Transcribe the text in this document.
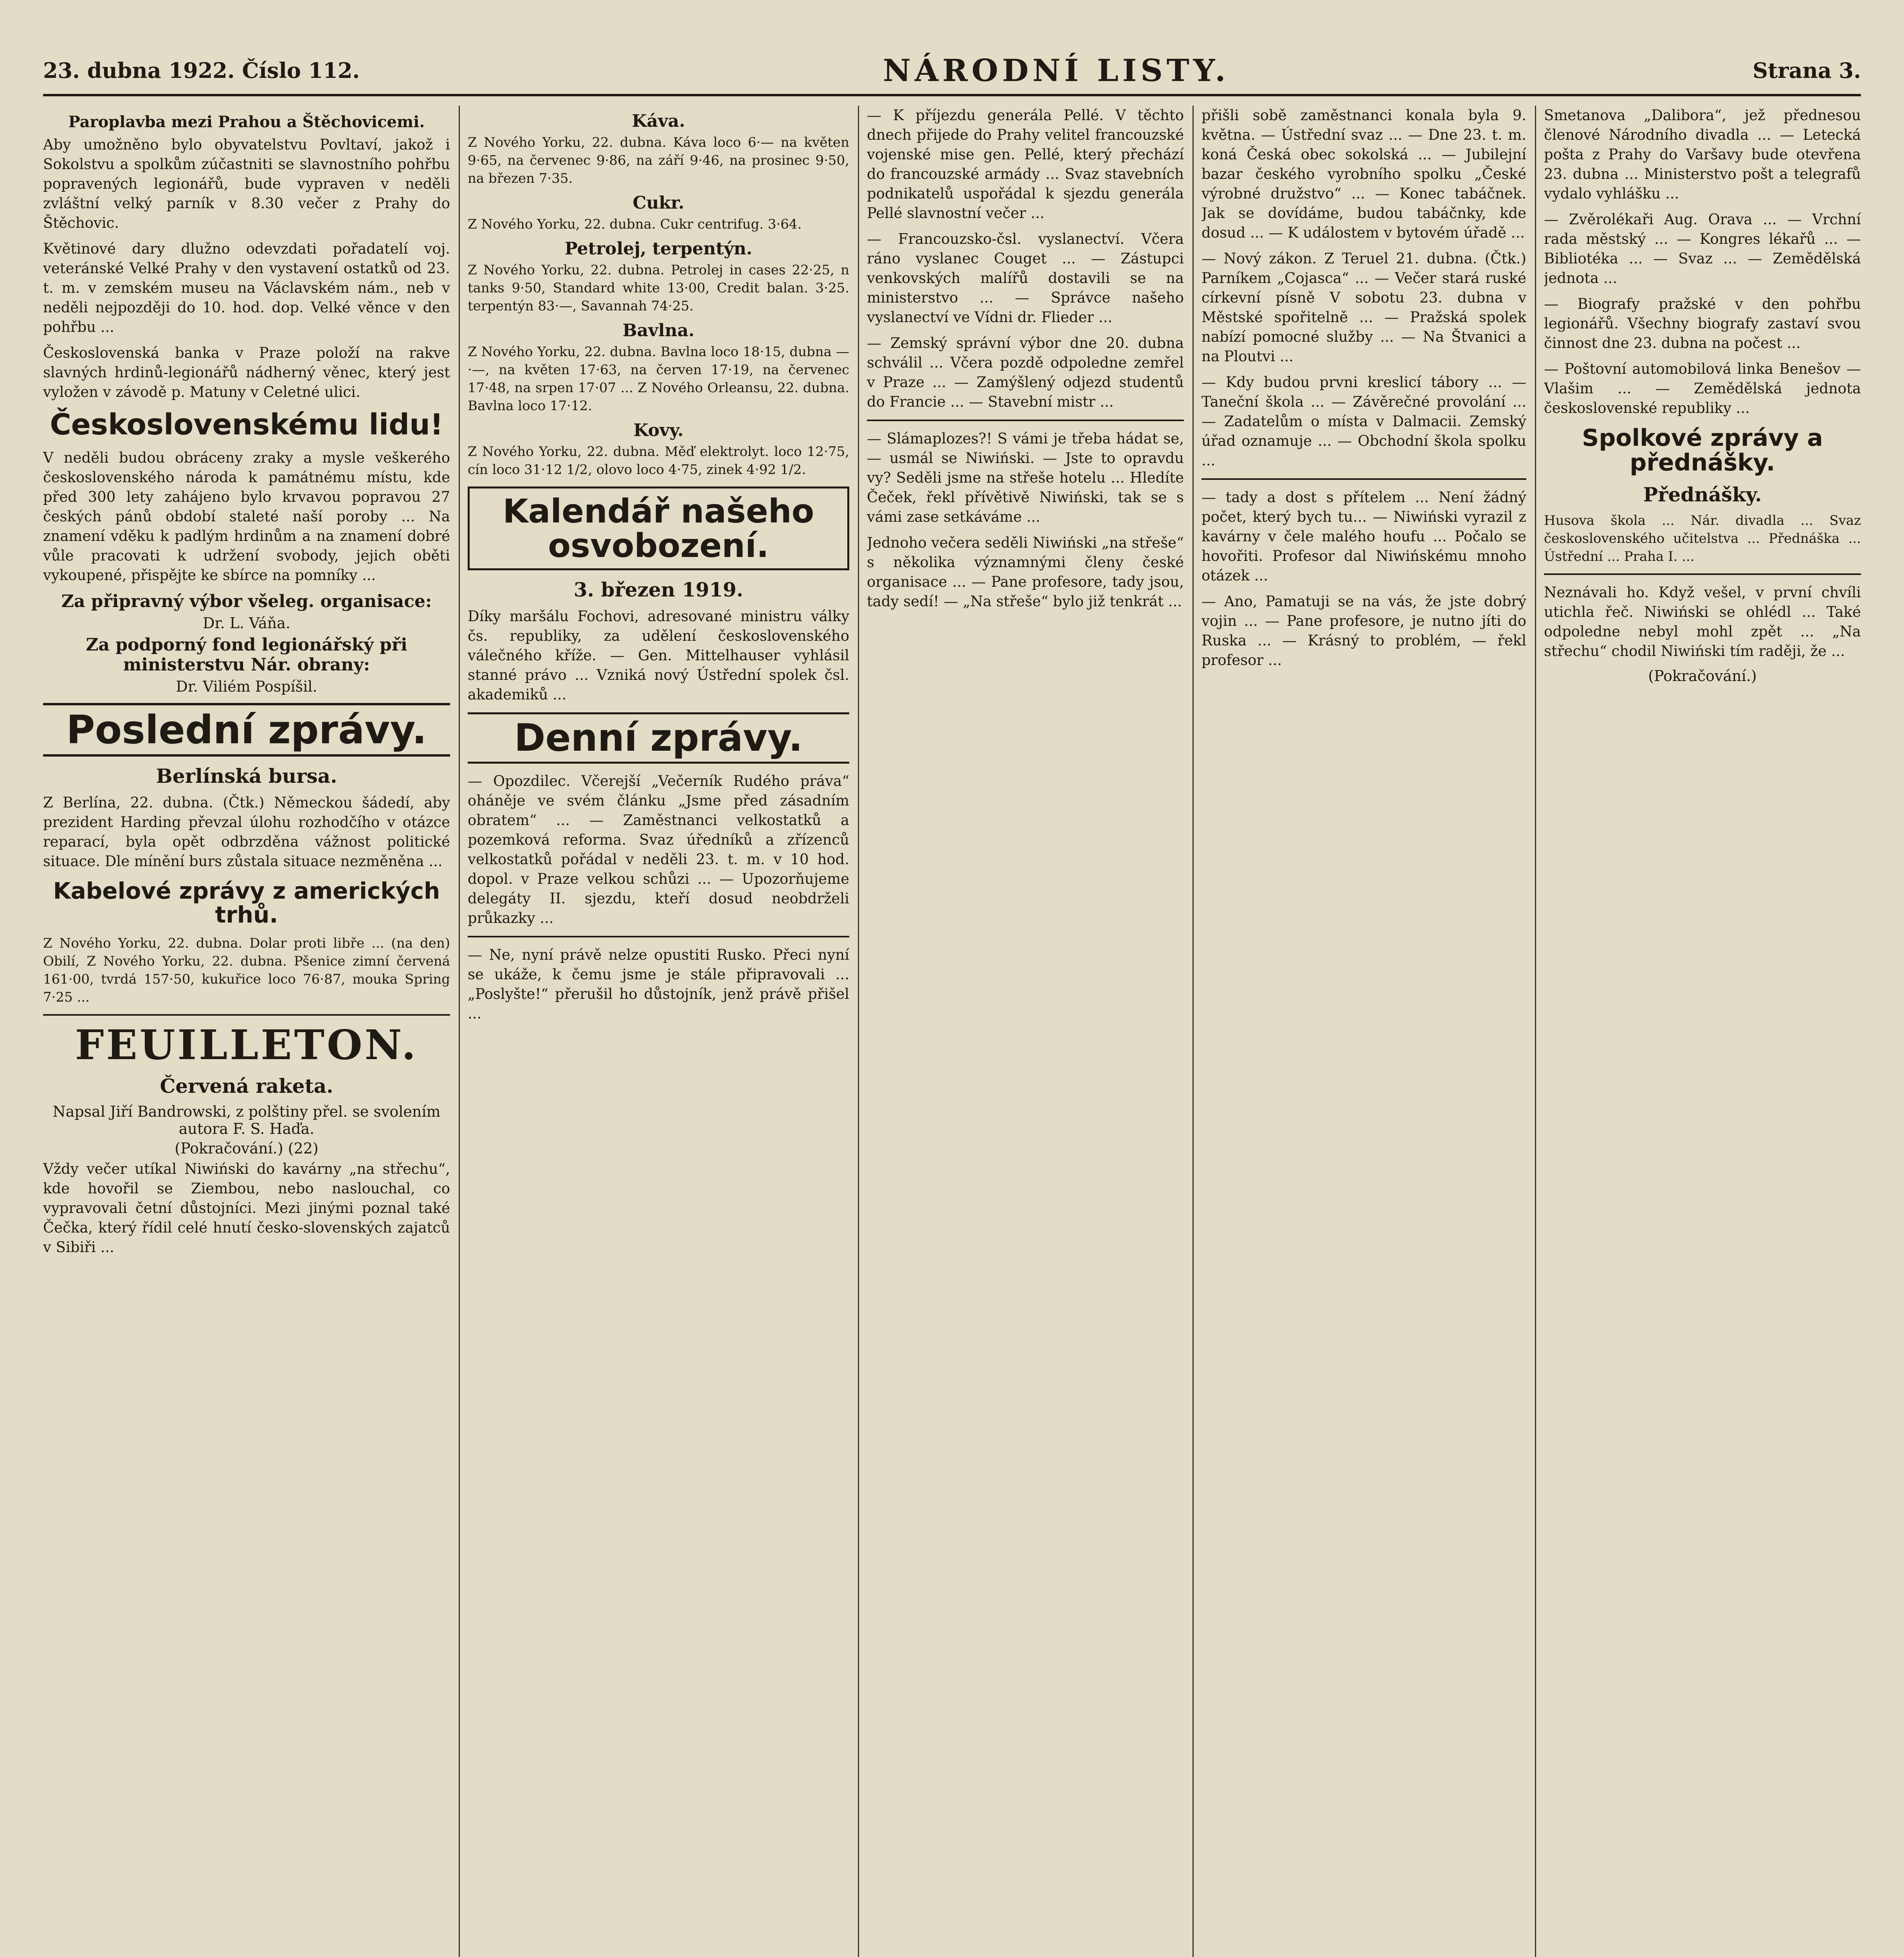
23. dubna 1922. Číslo 112.	NÁRODNÍ LISTY.	Strana 3.
Paroplavba mezi Prahou a Štěchovicemi.

Aby umožněno bylo obyvatelstvu Povltaví, jakož i Sokolstvu a spolkům zúčastniti se slavnostního pohřbu popravených legionářů, bude vypraven v neděli zvláštní velký parník v 8.30 večer z Prahy do Štěchovic.

Květinové dary dlužno odevzdati pořadatelí voj. veteránské Velké Prahy v den vystavení ostatků od 23. t. m. v zemském museu na Václavském nám., neb v neděli nejpozději do 10. hod. dop. Velké věnce v den pohřbu ...

Československá banka v Praze položí na rakve slavných hrdinů-legionářů nádherný věnec, který jest vyložen v závodě p. Matuny v Celetné ulici.

Československému lidu!

V neděli budou obráceny zraky a mysle veškerého československého národa k památnému místu, kde před 300 lety zahájeno bylo krvavou popravou 27 českých pánů období staleté naší poroby ... Na znamení vděku k padlým hrdinům a na znamení dobré vůle pracovati k udržení svobody, jejich oběti vykoupené, přispějte ke sbírce na pomníky ...

Za připravný výbor všeleg. organisace:
Dr. L. Váňa.
Za podporný fond legionářský při ministerstvu Nár. obrany:
Dr. Viliém Pospíšil.
Poslední zprávy.
Berlínská bursa.

Z Berlína, 22. dubna. (Čtk.) Německou šádedí, aby prezident Harding převzal úlohu rozhodčího v otázce reparací, byla opět odbrzděna vážnost politické situace. Dle mínění burs zůstala situace nezměněna ...

Kabelové zprávy z amerických trhů.

Z Nového Yorku, 22. dubna. Dolar proti libře ... (na den) Obilí, Z Nového Yorku, 22. dubna. Pšenice zimní červená 161·00, tvrdá 157·50, kukuřice loco 76·87, mouka Spring 7·25 ...

FEUILLETON.
Červená raketa.
Napsal Jiří Bandrowski, z polštiny přel. se svolením autora F. S. Haďa.
(Pokračování.) (22)

Vždy večer utíkal Niwiński do kavárny „na střechu“, kde hovořil se Ziembou, nebo naslouchal, co vypravovali četní důstojníci. Mezi jinými poznal také Čečka, který řídil celé hnutí česko-slovenských zajatců v Sibiři ...

Káva.

Z Nového Yorku, 22. dubna. Káva loco 6·— na květen 9·65, na červenec 9·86, na září 9·46, na prosinec 9·50, na březen 7·35.

Cukr.

Z Nového Yorku, 22. dubna. Cukr centrifug. 3·64.

Petrolej, terpentýn.

Z Nového Yorku, 22. dubna. Petrolej in cases 22·25, n tanks 9·50, Standard white 13·00, Credit balan. 3·25. terpentýn 83·—, Savannah 74·25.

Bavlna.

Z Nového Yorku, 22. dubna. Bavlna loco 18·15, dubna —·—, na květen 17·63, na červen 17·19, na červenec 17·48, na srpen 17·07 ... Z Nového Orleansu, 22. dubna. Bavlna loco 17·12.

Kovy.

Z Nového Yorku, 22. dubna. Měď elektrolyt. loco 12·75, cín loco 31·12 1/2, olovo loco 4·75, zinek 4·92 1/2.

Kalendář našeho osvobození.
3. březen 1919.

Díky maršálu Fochovi, adresované ministru války čs. republiky, za udělení československého válečného kříže. — Gen. Mittelhauser vyhlásil stanné právo ... Vzniká nový Ústřední spolek čsl. akademiků ...

Denní zprávy.

— Opozdilec. Včerejší „Večerník Rudého práva“ oháněje ve svém článku „Jsme před zásadním obratem“ ... — Zaměstnanci velkostatků a pozemková reforma. Svaz úředníků a zřízenců velkostatků pořádal v neděli 23. t. m. v 10 hod. dopol. v Praze velkou schůzi ... — Upozorňujeme delegáty II. sjezdu, kteří dosud neobdrželi průkazky ...

— Ne, nyní právě nelze opustiti Rusko. Přeci nyní se ukáže, k čemu jsme je stále připravovali ... „Poslyšte!“ přerušil ho důstojník, jenž právě přišel ...

— K příjezdu generála Pellé. V těchto dnech přijede do Prahy velitel francouzské vojenské mise gen. Pellé, který přechází do francouzské armády ... Svaz stavebních podnikatelů uspořádal k sjezdu generála Pellé slavnostní večer ...

— Francouzsko-čsl. vyslanectví. Včera ráno vyslanec Couget ... — Zástupci venkovských malířů dostavili se na ministerstvo ... — Správce našeho vyslanectví ve Vídni dr. Flieder ...

— Zemský správní výbor dne 20. dubna schválil ... Včera pozdě odpoledne zemřel v Praze ... — Zamýšlený odjezd studentů do Francie ... — Stavební mistr ...

— Slámaplozes?! S vámi je třeba hádat se, — usmál se Niwiński. — Jste to opravdu vy? Seděli jsme na střeše hotelu ... Hledíte Čeček, řekl přívětivě Niwiński, tak se s vámi zase setkáváme ...

Jednoho večera seděli Niwiński „na střeše“ s několika významnými členy české organisace ... — Pane profesore, tady jsou, tady sedí! — „Na střeše“ bylo již tenkrát ...

přišli sobě zaměstnanci konala byla 9. května. — Ústřední svaz ... — Dne 23. t. m. koná Česká obec sokolská ... — Jubilejní bazar českého vyrobního spolku „České výrobné družstvo“ ... — Konec tabáčnek. Jak se dovídáme, budou tabáčnky, kde dosud ... — K událostem v bytovém úřadě ...

— Nový zákon. Z Teruel 21. dubna. (Čtk.) Parníkem „Cojasca“ ... — Večer stará ruské církevní písně V sobotu 23. dubna v Městské spořitelně ... — Pražská spolek nabízí pomocné služby ... — Na Štvanici a na Ploutvi ...

— Kdy budou prvni kreslicí tábory ... — Taneční škola ... — Závěrečné provolání ... — Zadatelům o místa v Dalmacii. Zemský úřad oznamuje ... — Obchodní škola spolku ...

— tady a dost s přítelem ... Není žádný počet, který bych tu... — Niwiński vyrazil z kavárny v čele malého houfu ... Počalo se hovořiti. Profesor dal Niwińskému mnoho otázek ...

— Ano, Pamatuji se na vás, že jste dobrý vojin ... — Pane profesore, je nutno jíti do Ruska ... — Krásný to problém, — řekl profesor ...

Smetanova „Dalibora“, jež přednesou členové Národního divadla ... — Letecká pošta z Prahy do Varšavy bude otevřena 23. dubna ... Ministerstvo pošt a telegrafů vydalo vyhlášku ...

— Zvěrolékaři Aug. Orava ... — Vrchní rada městský ... — Kongres lékařů ... — Bibliotéka ... — Svaz ... — Zemědělská jednota ...

— Biografy pražské v den pohřbu legionářů. Všechny biografy zastaví svou činnost dne 23. dubna na počest ...

— Poštovní automobilová linka Benešov — Vlašim ... — Zemědělská jednota československé republiky ...

Spolkové zprávy a přednášky.
Přednášky.

Husova škola ... Nár. divadla ... Svaz československého učitelstva ... Přednáška ... Ústřední ... Praha I. ...

Neznávali ho. Když vešel, v první chvíli utichla řeč. Niwiński se ohlédl ... Také odpoledne nebyl mohl zpět ... „Na střechu“ chodil Niwiński tím raději, že ...

(Pokračování.)
